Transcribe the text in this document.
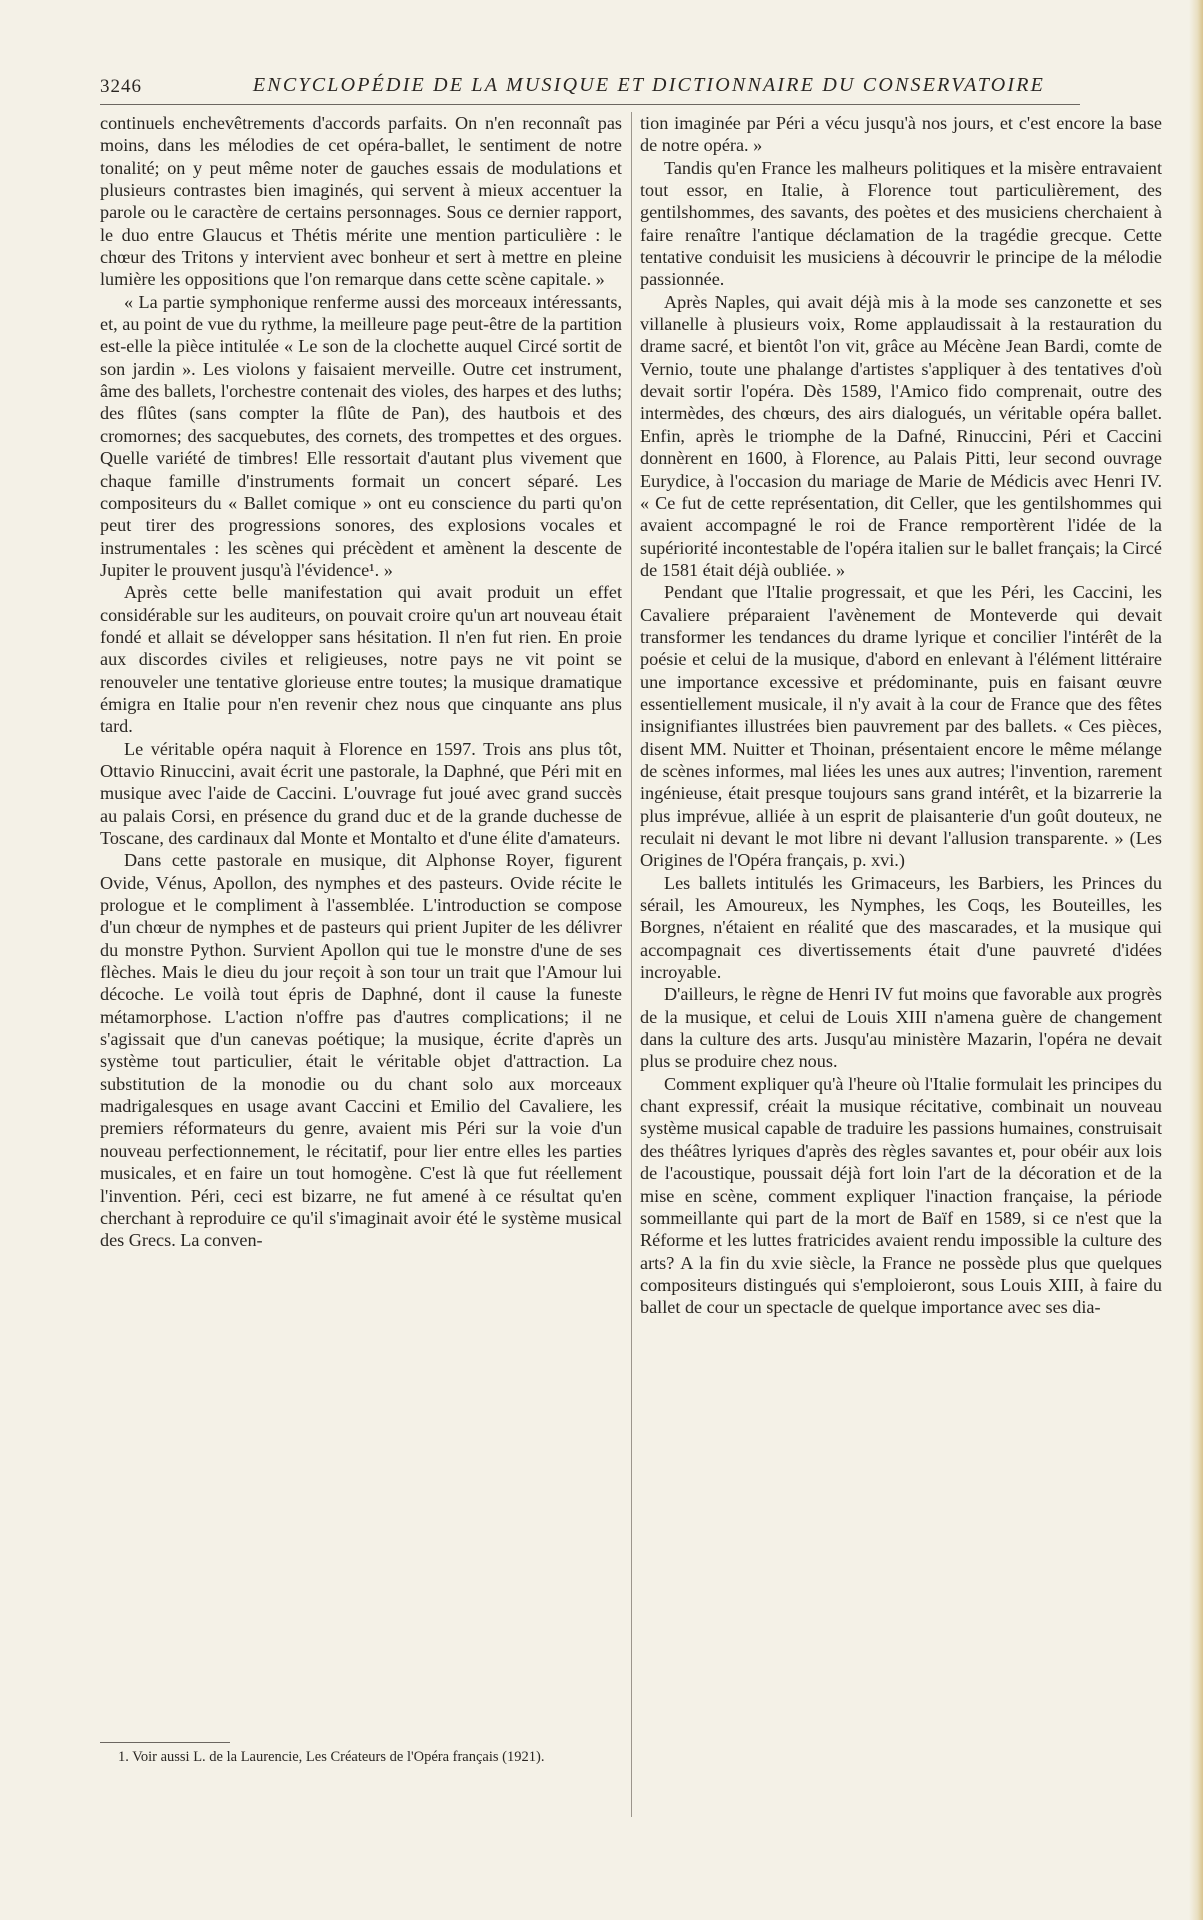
3246	ENCYCLOPÉDIE DE LA MUSIQUE ET DICTIONNAIRE DU CONSERVATOIRE

continuels enchevêtrements d'accords parfaits. On n'en reconnaît pas moins, dans les mélodies de cet opéra-ballet, le sentiment de notre tonalité; on y peut même noter de gauches essais de modulations et plusieurs contrastes bien imaginés, qui servent à mieux accentuer la parole ou le caractère de certains personnages. Sous ce dernier rapport, le duo entre Glaucus et Thétis mérite une mention particulière : le chœur des Tritons y intervient avec bonheur et sert à mettre en pleine lumière les oppositions que l'on remarque dans cette scène capitale. »

« La partie symphonique renferme aussi des morceaux intéressants, et, au point de vue du rythme, la meilleure page peut-être de la partition est-elle la pièce intitulée « Le son de la clochette auquel Circé sortit de son jardin ». Les violons y faisaient merveille. Outre cet instrument, âme des ballets, l'orchestre contenait des violes, des harpes et des luths; des flûtes (sans compter la flûte de Pan), des hautbois et des cromornes; des sacquebutes, des cornets, des trompettes et des orgues. Quelle variété de timbres! Elle ressortait d'autant plus vivement que chaque famille d'instruments formait un concert séparé. Les compositeurs du « Ballet comique » ont eu conscience du parti qu'on peut tirer des progressions sonores, des explosions vocales et instrumentales : les scènes qui précèdent et amènent la descente de Jupiter le prouvent jusqu'à l'évidence¹. »

Après cette belle manifestation qui avait produit un effet considérable sur les auditeurs, on pouvait croire qu'un art nouveau était fondé et allait se développer sans hésitation. Il n'en fut rien. En proie aux discordes civiles et religieuses, notre pays ne vit point se renouveler une tentative glorieuse entre toutes; la musique dramatique émigra en Italie pour n'en revenir chez nous que cinquante ans plus tard.

Le véritable opéra naquit à Florence en 1597. Trois ans plus tôt, Ottavio Rinuccini, avait écrit une pastorale, la Daphné, que Péri mit en musique avec l'aide de Caccini. L'ouvrage fut joué avec grand succès au palais Corsi, en présence du grand duc et de la grande duchesse de Toscane, des cardinaux dal Monte et Montalto et d'une élite d'amateurs.

Dans cette pastorale en musique, dit Alphonse Royer, figurent Ovide, Vénus, Apollon, des nymphes et des pasteurs. Ovide récite le prologue et le compliment à l'assemblée. L'introduction se compose d'un chœur de nymphes et de pasteurs qui prient Jupiter de les délivrer du monstre Python. Survient Apollon qui tue le monstre d'une de ses flèches. Mais le dieu du jour reçoit à son tour un trait que l'Amour lui décoche. Le voilà tout épris de Daphné, dont il cause la funeste métamorphose. L'action n'offre pas d'autres complications; il ne s'agissait que d'un canevas poétique; la musique, écrite d'après un système tout particulier, était le véritable objet d'attraction. La substitution de la monodie ou du chant solo aux morceaux madrigalesques en usage avant Caccini et Emilio del Cavaliere, les premiers réformateurs du genre, avaient mis Péri sur la voie d'un nouveau perfectionnement, le récitatif, pour lier entre elles les parties musicales, et en faire un tout homogène. C'est là que fut réellement l'invention. Péri, ceci est bizarre, ne fut amené à ce résultat qu'en cherchant à reproduire ce qu'il s'imaginait avoir été le système musical des Grecs. La conven-

tion imaginée par Péri a vécu jusqu'à nos jours, et c'est encore la base de notre opéra. »

Tandis qu'en France les malheurs politiques et la misère entravaient tout essor, en Italie, à Florence tout particulièrement, des gentilshommes, des savants, des poètes et des musiciens cherchaient à faire renaître l'antique déclamation de la tragédie grecque. Cette tentative conduisit les musiciens à découvrir le principe de la mélodie passionnée.

Après Naples, qui avait déjà mis à la mode ses canzonette et ses villanelle à plusieurs voix, Rome applaudissait à la restauration du drame sacré, et bientôt l'on vit, grâce au Mécène Jean Bardi, comte de Vernio, toute une phalange d'artistes s'appliquer à des tentatives d'où devait sortir l'opéra. Dès 1589, l'Amico fido comprenait, outre des intermèdes, des chœurs, des airs dialogués, un véritable opéra ballet. Enfin, après le triomphe de la Dafné, Rinuccini, Péri et Caccini donnèrent en 1600, à Florence, au Palais Pitti, leur second ouvrage Eurydice, à l'occasion du mariage de Marie de Médicis avec Henri IV. « Ce fut de cette représentation, dit Celler, que les gentilshommes qui avaient accompagné le roi de France remportèrent l'idée de la supériorité incontestable de l'opéra italien sur le ballet français; la Circé de 1581 était déjà oubliée. »

Pendant que l'Italie progressait, et que les Péri, les Caccini, les Cavaliere préparaient l'avènement de Monteverde qui devait transformer les tendances du drame lyrique et concilier l'intérêt de la poésie et celui de la musique, d'abord en enlevant à l'élément littéraire une importance excessive et prédominante, puis en faisant œuvre essentiellement musicale, il n'y avait à la cour de France que des fêtes insignifiantes illustrées bien pauvrement par des ballets. « Ces pièces, disent MM. Nuitter et Thoinan, présentaient encore le même mélange de scènes informes, mal liées les unes aux autres; l'invention, rarement ingénieuse, était presque toujours sans grand intérêt, et la bizarrerie la plus imprévue, alliée à un esprit de plaisanterie d'un goût douteux, ne reculait ni devant le mot libre ni devant l'allusion transparente. » (Les Origines de l'Opéra français, p. xvi.)

Les ballets intitulés les Grimaceurs, les Barbiers, les Princes du sérail, les Amoureux, les Nymphes, les Coqs, les Bouteilles, les Borgnes, n'étaient en réalité que des mascarades, et la musique qui accompagnait ces divertissements était d'une pauvreté d'idées incroyable.

D'ailleurs, le règne de Henri IV fut moins que favorable aux progrès de la musique, et celui de Louis XIII n'amena guère de changement dans la culture des arts. Jusqu'au ministère Mazarin, l'opéra ne devait plus se produire chez nous.

Comment expliquer qu'à l'heure où l'Italie formulait les principes du chant expressif, créait la musique récitative, combinait un nouveau système musical capable de traduire les passions humaines, construisait des théâtres lyriques d'après des règles savantes et, pour obéir aux lois de l'acoustique, poussait déjà fort loin l'art de la décoration et de la mise en scène, comment expliquer l'inaction française, la période sommeillante qui part de la mort de Baïf en 1589, si ce n'est que la Réforme et les luttes fratricides avaient rendu impossible la culture des arts? A la fin du xvie siècle, la France ne possède plus que quelques compositeurs distingués qui s'emploieront, sous Louis XIII, à faire du ballet de cour un spectacle de quelque importance avec ses dia-

1. Voir aussi L. de la Laurencie, Les Créateurs de l'Opéra français (1921).
